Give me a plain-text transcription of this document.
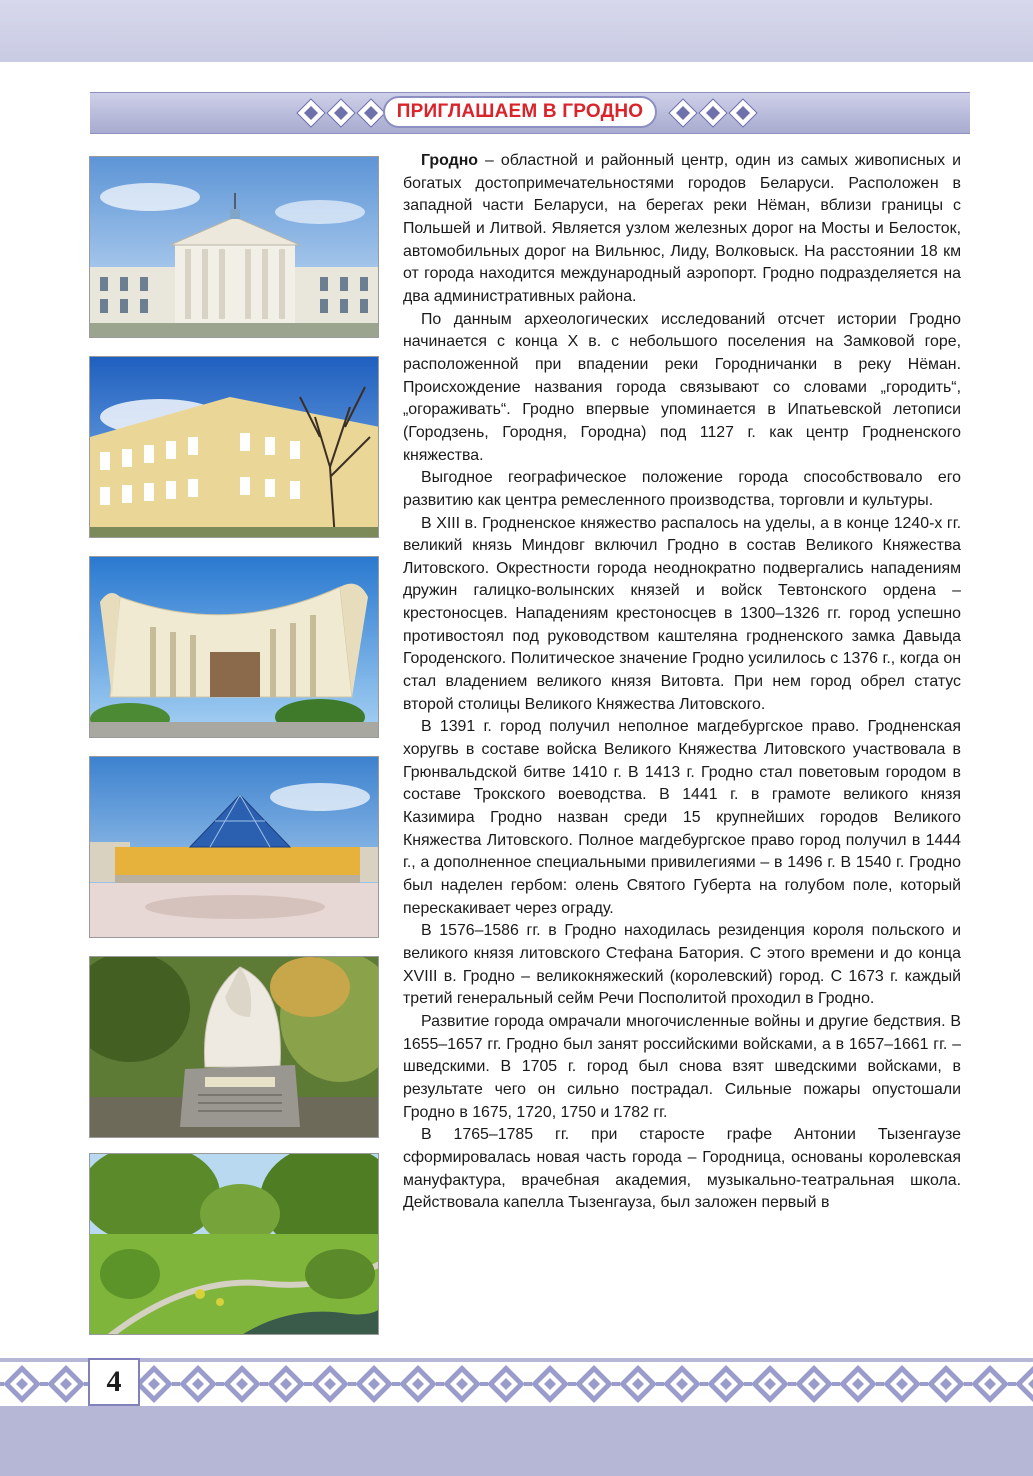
ПРИГЛАШАЕМ В ГРОДНО

Гродно – областной и районный центр, один из самых живописных и богатых достопримечательностями городов Беларуси. Расположен в западной части Беларуси, на берегах реки Нёман, вблизи границы с Польшей и Литвой. Является узлом железных дорог на Мосты и Белосток, автомобильных дорог на Вильнюс, Лиду, Волковыск. На расстоянии 18 км от города находится международный аэропорт. Гродно подразделяется на два административных района.

По данным археологических исследований отсчет истории Гродно начинается с конца X в. с небольшого поселения на Замковой горе, расположенной при впадении реки Городничанки в реку Нёман. Происхождение названия города связывают со словами „городить“, „огораживать“. Гродно впервые упоминается в Ипатьевской летописи (Городзень, Городня, Городна) под 1127 г. как центр Гродненского княжества.

Выгодное географическое положение города способствовало его развитию как центра ремесленного производства, торговли и культуры.

В XIII в. Гродненское княжество распалось на уделы, а в конце 1240-х гг. великий князь Миндовг включил Гродно в состав Великого Княжества Литовского. Окрестности города неоднократно подвергались нападениям дружин галицко-волынских князей и войск Тевтонского ордена – крестоносцев. Нападениям крестоносцев в 1300–1326 гг. город успешно противостоял под руководством каштеляна гродненского замка Давыда Городенского. Политическое значение Гродно усилилось с 1376 г., когда он стал владением великого князя Витовта. При нем город обрел статус второй столицы Великого Княжества Литовского.

В 1391 г. город получил неполное магдебургское право. Гродненская хоругвь в составе войска Великого Княжества Литовского участвовала в Грюнвальдской битве 1410 г. В 1413 г. Гродно стал поветовым городом в составе Трокского воеводства. В 1441 г. в грамоте великого князя Казимира Гродно назван среди 15 крупнейших городов Великого Княжества Литовского. Полное магдебургское право город получил в 1444 г., а дополненное специальными привилегиями – в 1496 г. В 1540 г. Гродно был наделен гербом: олень Святого Губерта на голубом поле, который перескакивает через ограду.

В 1576–1586 гг. в Гродно находилась резиденция короля польского и великого князя литовского Стефана Батория. С этого времени и до конца XVIII в. Гродно – великокняжеский (королевский) город. С 1673 г. каждый третий генеральный сейм Речи Посполитой проходил в Гродно.

Развитие города омрачали многочисленные войны и другие бедствия. В 1655–1657 гг. Гродно был занят российскими войсками, а в 1657–1661 гг. – шведскими. В 1705 г. город был снова взят шведскими войсками, в результате чего он сильно пострадал. Сильные пожары опустошали Гродно в 1675, 1720, 1750 и 1782 гг.

В 1765–1785 гг. при старосте графе Антонии Тызенгаузе сформировалась новая часть города – Городница, основаны королевская мануфактура, врачебная академия, музыкально-театральная школа. Действовала капелла Тызенгауза, был заложен первый в

4
